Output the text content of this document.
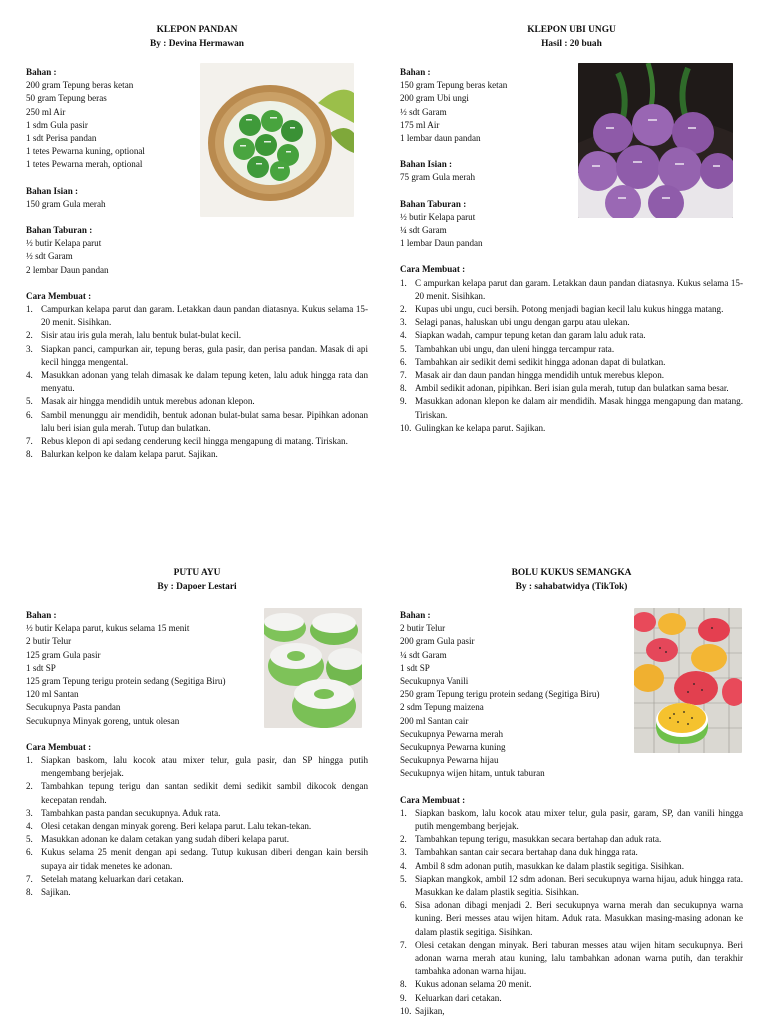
KLEPON PANDAN
By : Devina Hermawan
Bahan :
200 gram Tepung beras ketan
50 gram Tepung beras
250 ml Air
1 sdm Gula pasir
1 sdt Perisa pandan
1 tetes Pewarna kuning, optional
1 tetes Pewarna merah, optional
Bahan Isian :
150 gram Gula merah
Bahan Taburan :
½ butir Kelapa parut
½ sdt Garam
2 lembar Daun pandan
Cara Membuat :
1. Campurkan kelapa parut dan garam. Letakkan daun pandan diatasnya. Kukus selama 15-20 menit. Sisihkan.
2. Sisir atau iris gula merah, lalu bentuk bulat-bulat kecil.
3. Siapkan panci, campurkan air, tepung beras, gula pasir, dan perisa pandan. Masak di api kecil hingga mengental.
4. Masukkan adonan yang telah dimasak ke dalam tepung keten, lalu aduk hingga rata dan menyatu.
5. Masak air hingga mendidih untuk merebus adonan klepon.
6. Sambil menunggu air mendidih, bentuk adonan bulat-bulat sama besar. Pipihkan adonan lalu beri isian gula merah. Tutup dan bulatkan.
7. Rebus klepon di api sedang cenderung kecil hingga mengapung di matang. Tiriskan.
8. Balurkan kelpon ke dalam kelapa parut. Sajikan.
KLEPON UBI UNGU
Hasil : 20 buah
Bahan :
150 gram Tepung beras ketan
200 gram Ubi ungi
½ sdt Garam
175 ml Air
1 lembar daun pandan
Bahan Isian :
75 gram Gula merah
Bahan Taburan :
½ butir Kelapa parut
¼ sdt Garam
1 lembar Daun pandan
Cara Membuat :
1. C ampurkan kelapa parut dan garam. Letakkan daun pandan diatasnya. Kukus selama 15-20 menit. Sisihkan.
2. Kupas ubi ungu, cuci bersih. Potong menjadi bagian kecil lalu kukus hingga matang.
3. Selagi panas, haluskan ubi ungu dengan garpu atau ulekan.
4. Siapkan wadah, campur tepung ketan dan garam lalu aduk rata.
5. Tambahkan ubi ungu, dan uleni hingga tercampur rata.
6. Tambahkan air sedikit demi sedikit hingga adonan dapat di bulatkan.
7. Masak air dan daun pandan hingga mendidih untuk merebus klepon.
8. Ambil sedikit adonan, pipihkan. Beri isian gula merah, tutup dan bulatkan sama besar.
9. Masukkan adonan klepon ke dalam air mendidih. Masak hingga mengapung dan matang. Tiriskan.
10. Gulingkan ke kelapa parut. Sajikan.
PUTU AYU
By : Dapoer Lestari
Bahan :
½ butir Kelapa parut, kukus selama 15 menit
2 butir Telur
125 gram Gula pasir
1 sdt SP
125 gram Tepung terigu protein sedang (Segitiga Biru)
120 ml Santan
Secukupnya Pasta pandan
Secukupnya Minyak goreng, untuk olesan
Cara Membuat :
1. Siapkan baskom, lalu kocok atau mixer telur, gula pasir, dan SP hingga putih mengembang berjejak.
2. Tambahkan tepung terigu dan santan sedikit demi sedikit sambil dikocok dengan kecepatan rendah.
3. Tambahkan pasta pandan secukupnya. Aduk rata.
4. Olesi cetakan dengan minyak goreng. Beri kelapa parut. Lalu tekan-tekan.
5. Masukkan adonan ke dalam cetakan yang sudah diberi kelapa parut.
6. Kukus selama 25 menit dengan api sedang. Tutup kukusan diberi dengan kain bersih supaya air tidak menetes ke adonan.
7. Setelah matang keluarkan dari cetakan.
8. Sajikan.
BOLU KUKUS SEMANGKA
By : sahabatwidya (TikTok)
Bahan :
2 butir Telur
200 gram Gula pasir
¼ sdt Garam
1 sdt SP
Secukupnya Vanili
250 gram Tepung terigu protein sedang (Segitiga Biru)
2 sdm Tepung maizena
200 ml Santan cair
Secukupnya Pewarna merah
Secukupnya Pewarna kuning
Secukupnya Pewarna hijau
Secukupnya wijen hitam, untuk taburan
Cara Membuat :
1. Siapkan baskom, lalu kocok atau mixer telur, gula pasir, garam, SP, dan vanili hingga putih mengembang berjejak.
2. Tambahkan tepung terigu, masukkan secara bertahap dan aduk rata.
3. Tambahkan santan cair secara bertahap dana duk hingga rata.
4. Ambil 8 sdm adonan putih, masukkan ke dalam plastik segitiga. Sisihkan.
5. Siapkan mangkok, ambil 12 sdm adonan. Beri secukupnya warna hijau, aduk hingga rata. Masukkan ke dalam plastik segitia. Sisihkan.
6. Sisa adonan dibagi menjadi 2. Beri secukupnya warna merah dan secukupnya warna kuning. Beri messes atau wijen hitam. Aduk rata. Masukkan masing-masing adonan ke dalam plastik segitiga. Sisihkan.
7. Olesi cetakan dengan minyak. Beri taburan messes atau wijen hitam secukupnya. Beri adonan warna merah atau kuning, lalu tambahkan adonan warna putih, dan terakhir tambahka adonan warna hijau.
8. Kukus adonan selama 20 menit.
9. Keluarkan dari cetakan.
10. Sajikan,
